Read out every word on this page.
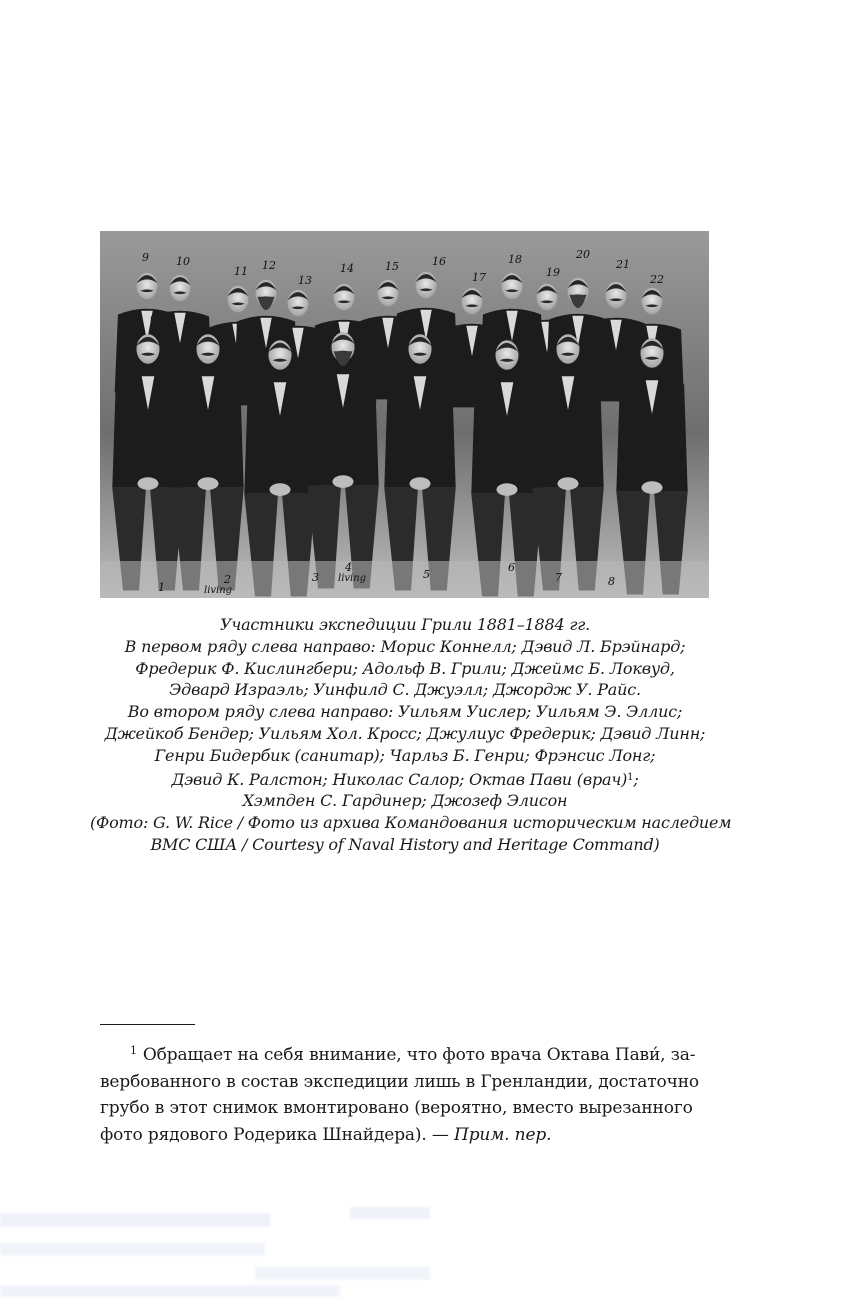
9 10
11 12
13
14	15	16
17
18
19
20
21
22
1
2	3
4
5
6
7	8
living
living
Участники экспедиции Грили 1881–1884 гг.
В первом ряду слева направо: Морис Коннелл; Дэвид Л. Брэйнард;
Фредерик Ф. Кислингбери; Адольф В. Грили; Джеймс Б. Локвуд,
Эдвард Израэль; Уинфилд С. Джуэлл; Джордж У. Райс.
Во втором ряду слева направо: Уильям Уислер; Уильям Э. Эллис;
Джейкоб Бендер; Уильям Хол. Кросс; Джулиус Фредерик; Дэвид Линн;
Генри Бидербик (санитар); Чарльз Б. Генри; Фрэнсис Лонг;
Дэвид К. Ралстон; Николас Салор; Октав Пави (врач)$^1$;
Хэмпден С. Гардинер; Джозеф Элисон
(Фото: G. W. Rice / Фото из архива Командования историческим наследием
ВМС США / Courtesy of Naval History and Heritage Command)
$^1$ Обращает на себя внимание, что фото врача Октава Пави́, за-
вербованного в состав экспедиции лишь в Гренландии, достаточно
грубо в этот снимок вмонтировано (вероятно, вместо вырезанного
фото рядового Родерика Шнайдера). — Прим. пер.
